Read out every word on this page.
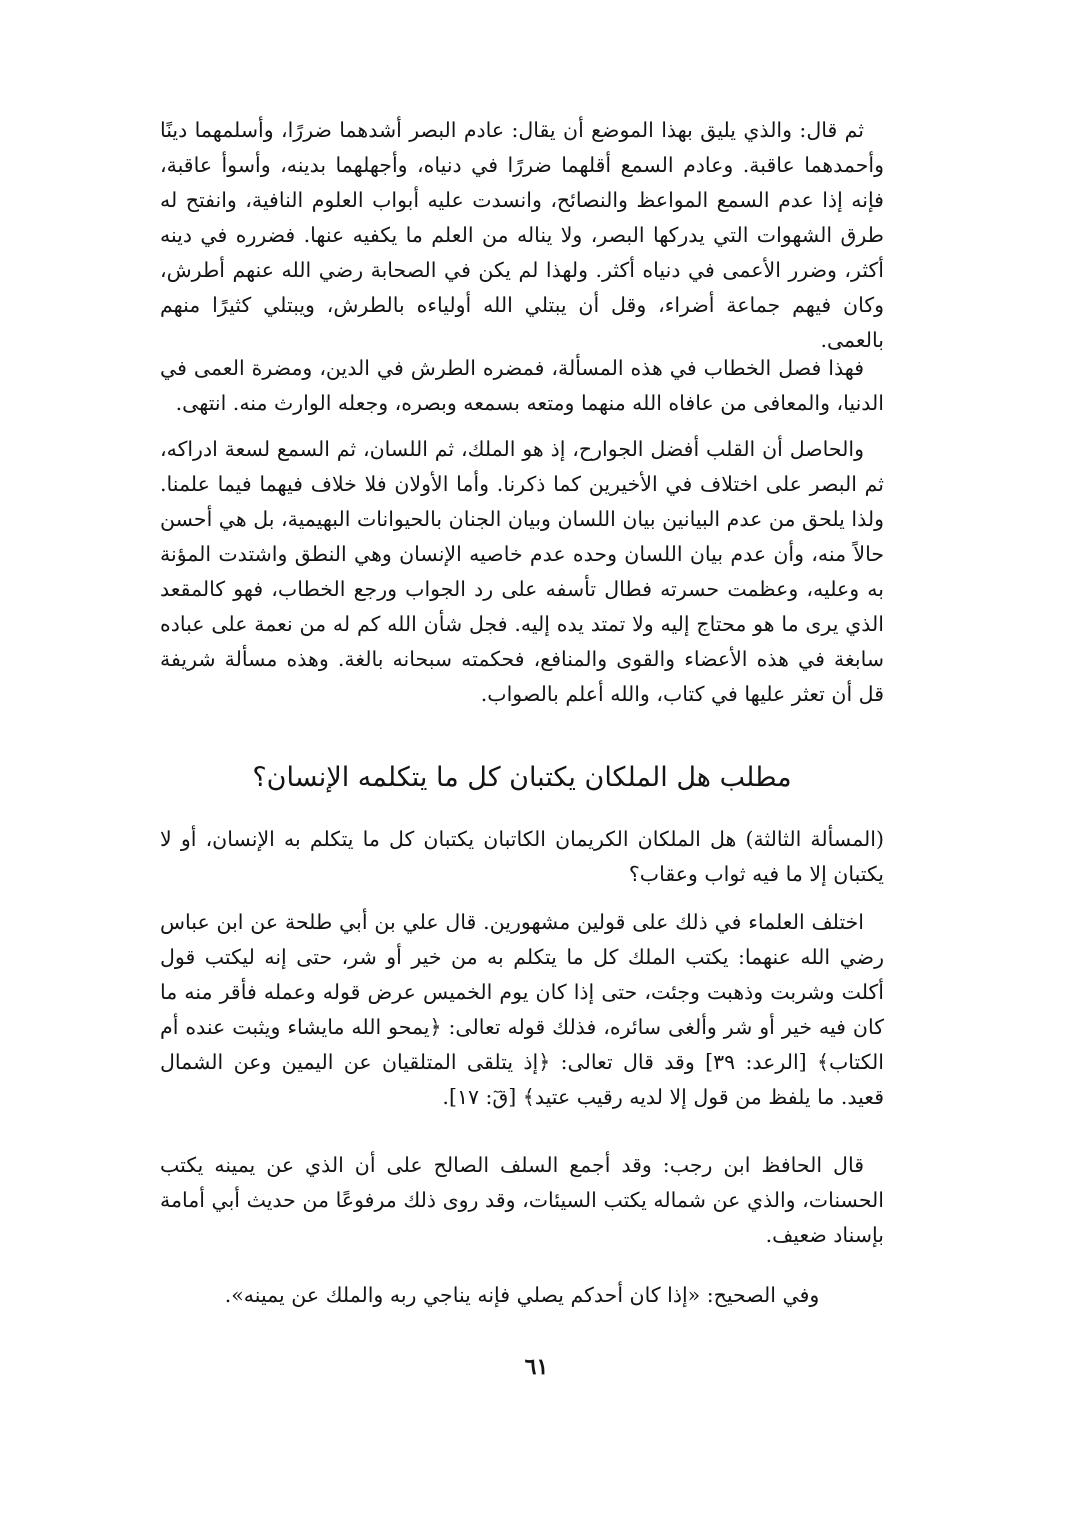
ثم قال: والذي يليق بهذا الموضع أن يقال: عادم البصر أشدهما ضررًا، وأسلمهما دينًا وأحمدهما عاقبة. وعادم السمع أقلهما ضررًا في دنياه، وأجهلهما بدينه، وأسوأ عاقبة، فإنه إذا عدم السمع المواعظ والنصائح، وانسدت عليه أبواب العلوم النافية، وانفتح له طرق الشهوات التي يدركها البصر، ولا يناله من العلم ما يكفيه عنها. فضرره في دينه أكثر، وضرر الأعمى في دنياه أكثر. ولهذا لم يكن في الصحابة رضي الله عنهم أطرش، وكان فيهم جماعة أضراء، وقل أن يبتلي الله أولياءه بالطرش، ويبتلي كثيرًا منهم بالعمى.

فهذا فصل الخطاب في هذه المسألة، فمضره الطرش في الدين، ومضرة العمى في الدنيا، والمعافى من عافاه الله منهما ومتعه بسمعه وبصره، وجعله الوارث منه. انتهى.

والحاصل أن القلب أفضل الجوارح، إذ هو الملك، ثم اللسان، ثم السمع لسعة ادراكه، ثم البصر على اختلاف في الأخيرين كما ذكرنا. وأما الأولان فلا خلاف فيهما فيما علمنا. ولذا يلحق من عدم البيانين بيان اللسان وبيان الجنان بالحيوانات البهيمية، بل هي أحسن حالاً منه، وأن عدم بيان اللسان وحده عدم خاصيه الإنسان وهي النطق واشتدت المؤنة به وعليه، وعظمت حسرته فطال تأسفه على رد الجواب ورجع الخطاب، فهو كالمقعد الذي يرى ما هو محتاج إليه ولا تمتد يده إليه. فجل شأن الله كم له من نعمة على عباده سابغة في هذه الأعضاء والقوى والمنافع، فحكمته سبحانه بالغة. وهذه مسألة شريفة قل أن تعثر عليها في كتاب، والله أعلم بالصواب.

مطلب هل الملكان يكتبان كل ما يتكلمه الإنسان؟

(المسألة الثالثة) هل الملكان الكريمان الكاتبان يكتبان كل ما يتكلم به الإنسان، أو لا يكتبان إلا ما فيه ثواب وعقاب؟

اختلف العلماء في ذلك على قولين مشهورين. قال علي بن أبي طلحة عن ابن عباس رضي الله عنهما: يكتب الملك كل ما يتكلم به من خير أو شر، حتى إنه ليكتب قول أكلت وشربت وذهبت وجئت، حتى إذا كان يوم الخميس عرض قوله وعمله فأقر منه ما كان فيه خير أو شر وألغى سائره، فذلك قوله تعالى: ﴿يمحو الله مايشاء ويثبت عنده أم الكتاب﴾ [الرعد: ٣٩] وقد قال تعالى: ﴿إذ يتلقى المتلقيان عن اليمين وعن الشمال قعيد. ما يلفظ من قول إلا لديه رقيب عتيد﴾ [قٓ: ١٧].

قال الحافظ ابن رجب: وقد أجمع السلف الصالح على أن الذي عن يمينه يكتب الحسنات، والذي عن شماله يكتب السيئات، وقد روى ذلك مرفوعًا من حديث أبي أمامة بإسناد ضعيف.

وفي الصحيح: «إذا كان أحدكم يصلي فإنه يناجي ربه والملك عن يمينه».

٦١
